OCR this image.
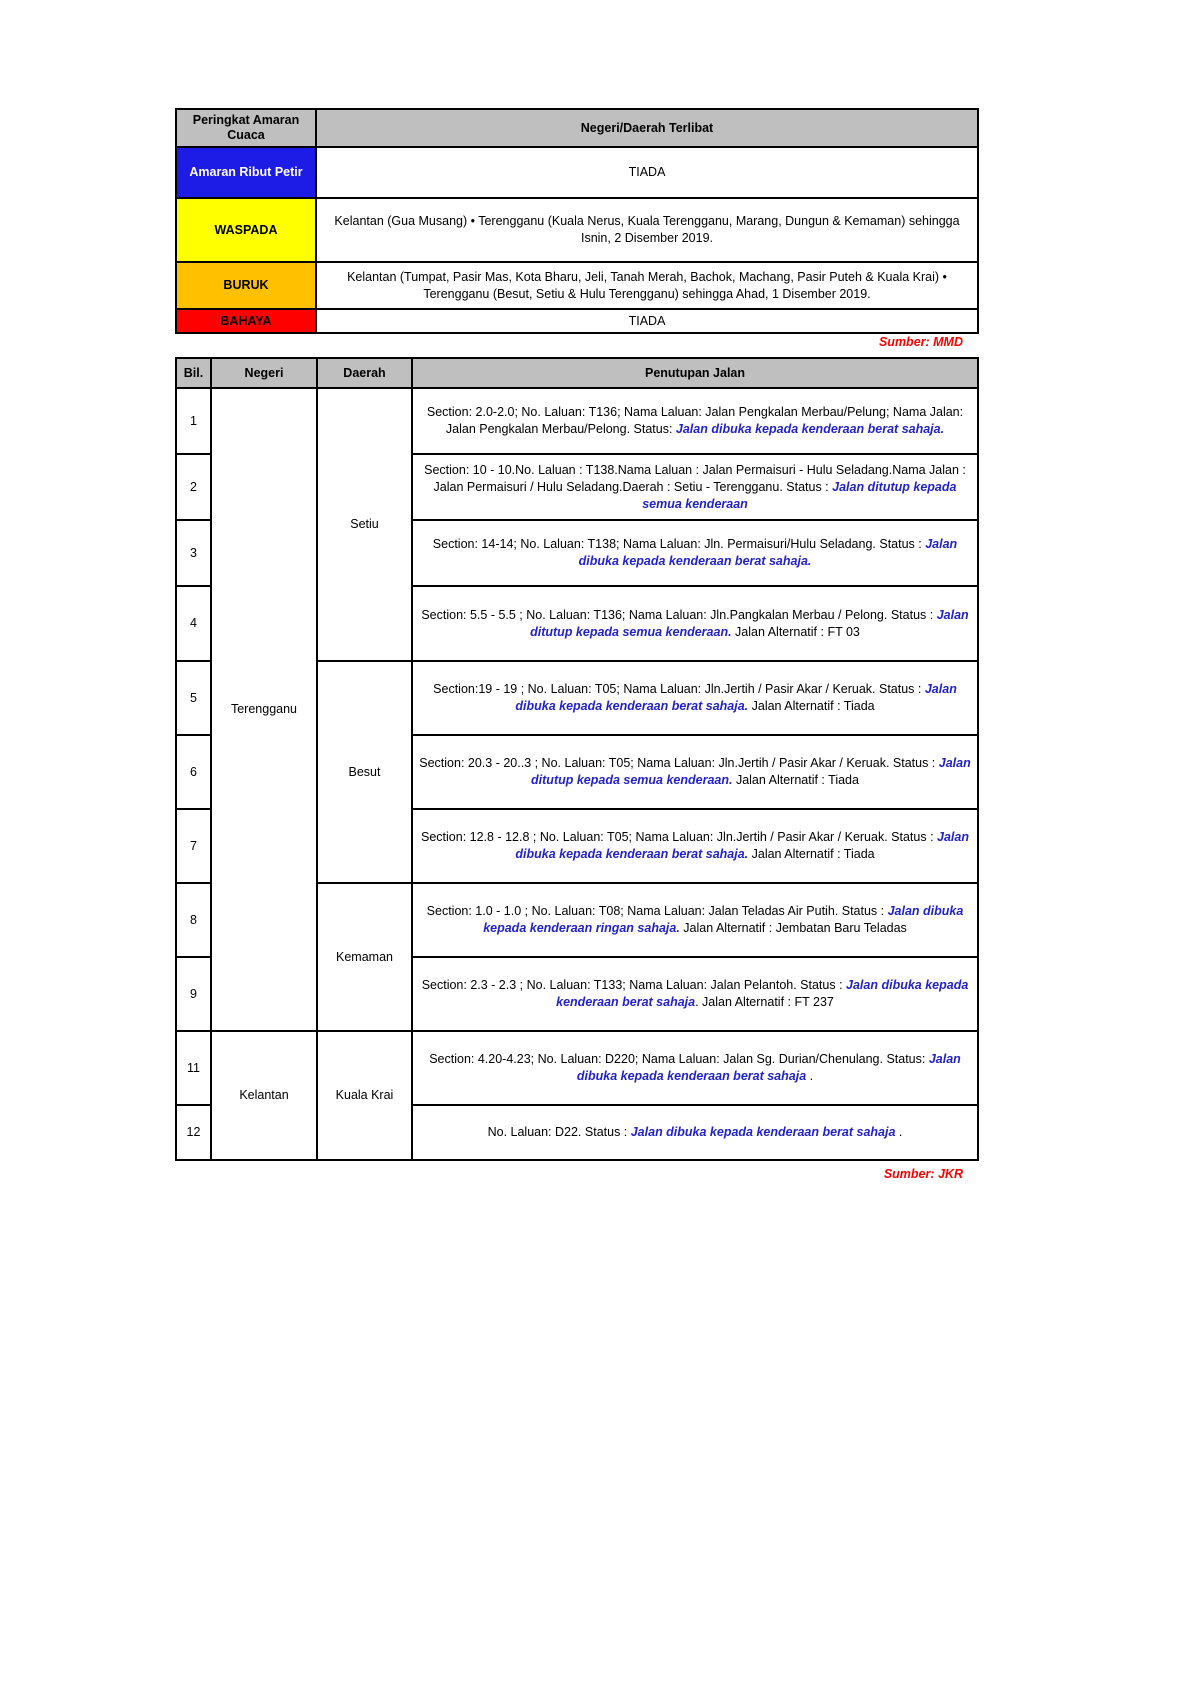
Peringkat Amaran Cuaca	Negeri/Daerah Terlibat
Amaran Ribut Petir	TIADA
WASPADA	Kelantan (Gua Musang) • Terengganu (Kuala Nerus, Kuala Terengganu, Marang, Dungun & Kemaman) sehingga Isnin, 2 Disember 2019.
BURUK	Kelantan (Tumpat, Pasir Mas, Kota Bharu, Jeli, Tanah Merah, Bachok, Machang, Pasir Puteh & Kuala Krai) • Terengganu (Besut, Setiu & Hulu Terengganu) sehingga Ahad, 1 Disember 2019.
BAHAYA	TIADA
Sumber: MMD
Bil.	Negeri	Daerah	Penutupan Jalan
1	Terengganu	Setiu	Section: 2.0-2.0; No. Laluan: T136; Nama Laluan: Jalan Pengkalan Merbau/Pelung; Nama Jalan: Jalan Pengkalan Merbau/Pelong. Status: Jalan dibuka kepada kenderaan berat sahaja.
2			Section: 10 - 10.No. Laluan : T138.Nama Laluan : Jalan Permaisuri - Hulu Seladang.Nama Jalan : Jalan Permaisuri / Hulu Seladang.Daerah : Setiu - Terengganu. Status : Jalan ditutup kepada semua kenderaan
3			Section: 14-14; No. Laluan: T138; Nama Laluan: Jln. Permaisuri/Hulu Seladang. Status : Jalan dibuka kepada kenderaan berat sahaja.
4			Section: 5.5 - 5.5 ; No. Laluan: T136; Nama Laluan: Jln.Pangkalan Merbau / Pelong. Status : Jalan ditutup kepada semua kenderaan. Jalan Alternatif : FT 03
5		Besut	Section:19 - 19 ; No. Laluan: T05; Nama Laluan: Jln.Jertih / Pasir Akar / Keruak. Status : Jalan dibuka kepada kenderaan berat sahaja. Jalan Alternatif : Tiada
6			Section: 20.3 - 20..3 ; No. Laluan: T05; Nama Laluan: Jln.Jertih / Pasir Akar / Keruak. Status : Jalan ditutup kepada semua kenderaan. Jalan Alternatif : Tiada
7			Section: 12.8 - 12.8 ; No. Laluan: T05; Nama Laluan: Jln.Jertih / Pasir Akar / Keruak. Status : Jalan dibuka kepada kenderaan berat sahaja. Jalan Alternatif : Tiada
8		Kemaman	Section: 1.0 - 1.0 ; No. Laluan: T08; Nama Laluan: Jalan Teladas Air Putih. Status : Jalan dibuka kepada kenderaan ringan sahaja. Jalan Alternatif : Jembatan Baru Teladas
9			Section: 2.3 - 2.3 ; No. Laluan: T133; Nama Laluan: Jalan Pelantoh. Status : Jalan dibuka kepada kenderaan berat sahaja. Jalan Alternatif : FT 237
11	Kelantan	Kuala Krai	Section: 4.20-4.23; No. Laluan: D220; Nama Laluan: Jalan Sg. Durian/Chenulang. Status: Jalan dibuka kepada kenderaan berat sahaja .
12			No. Laluan: D22. Status : Jalan dibuka kepada kenderaan berat sahaja .
Sumber: JKR
